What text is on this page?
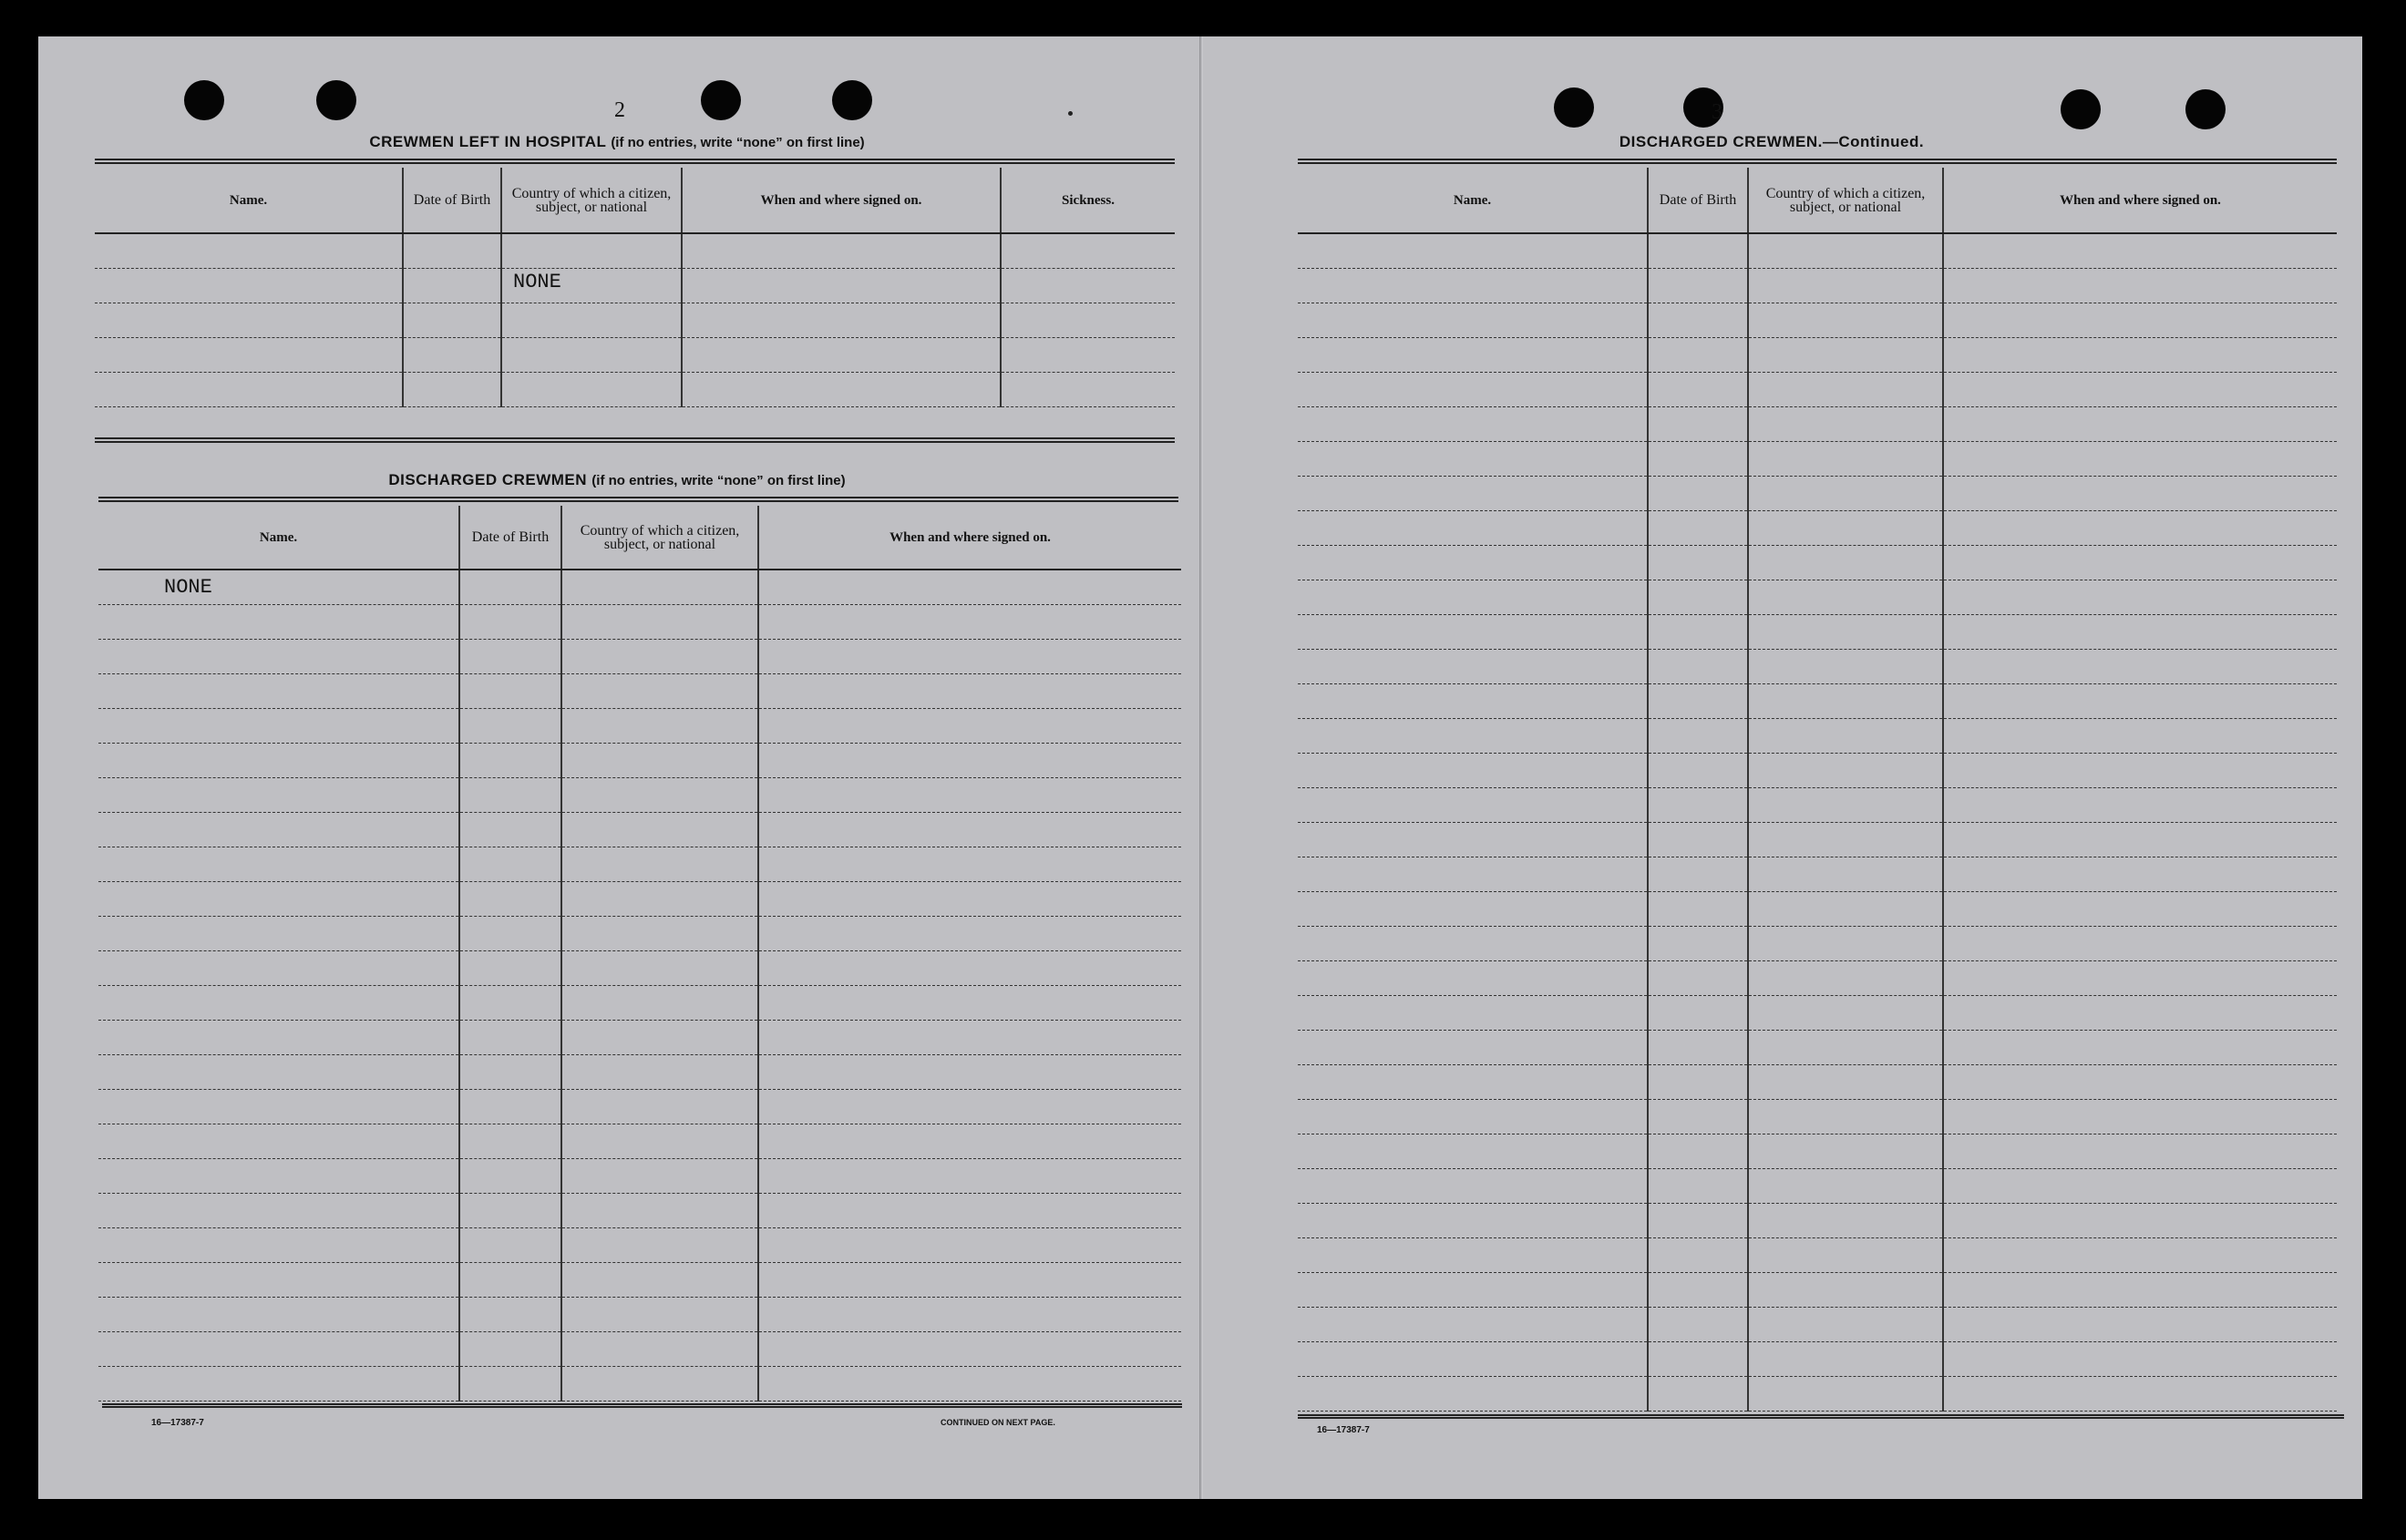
2
CREWMEN LEFT IN HOSPITAL (if no entries, write “none” on first line)
Name.	Date of Birth	Country of which a citizen, subject, or national	When and where signed on.	Sickness.

		NONE		

DISCHARGED CREWMEN (if no entries, write “none” on first line)
Name.	Date of Birth	Country of which a citizen, subject, or national	When and where signed on.
NONE			

16—17387-7	CONTINUED ON NEXT PAGE.
3
DISCHARGED CREWMEN.—Continued.
Name.	Date of Birth	Country of which a citizen, subject, or national	When and where signed on.

16—17387-7
